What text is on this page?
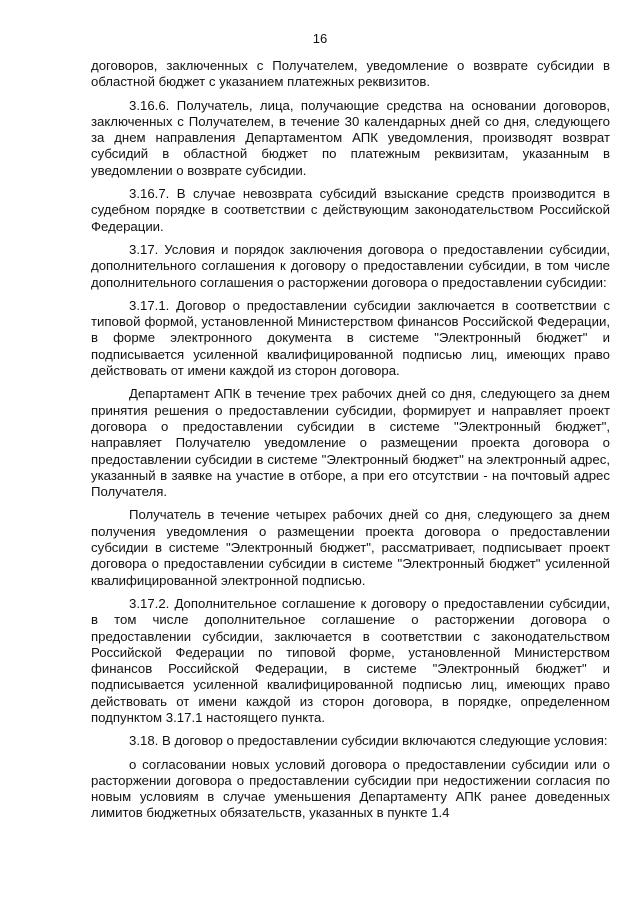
16

договоров, заключенных с Получателем, уведомление о возврате субсидии в областной бюджет с указанием платежных реквизитов.

3.16.6. Получатель, лица, получающие средства на основании договоров, заключенных с Получателем, в течение 30 календарных дней со дня, следующего за днем направления Департаментом АПК уведомления, производят возврат субсидий в областной бюджет по платежным реквизитам, указанным в уведомлении о возврате субсидии.

3.16.7. В случае невозврата субсидий взыскание средств производится в судебном порядке в соответствии с действующим законодательством Российской Федерации.

3.17. Условия и порядок заключения договора о предоставлении субсидии, дополнительного соглашения к договору о предоставлении субсидии, в том числе дополнительного соглашения о расторжении договора о предоставлении субсидии:

3.17.1. Договор о предоставлении субсидии заключается в соответствии с типовой формой, установленной Министерством финансов Российской Федерации, в форме электронного документа в системе "Электронный бюджет" и подписывается усиленной квалифицированной подписью лиц, имеющих право действовать от имени каждой из сторон договора.

Департамент АПК в течение трех рабочих дней со дня, следующего за днем принятия решения о предоставлении субсидии, формирует и направляет проект договора о предоставлении субсидии в системе "Электронный бюджет", направляет Получателю уведомление о размещении проекта договора о предоставлении субсидии в системе "Электронный бюджет" на электронный адрес, указанный в заявке на участие в отборе, а при его отсутствии - на почтовый адрес Получателя.

Получатель в течение четырех рабочих дней со дня, следующего за днем получения уведомления о размещении проекта договора о предоставлении субсидии в системе "Электронный бюджет", рассматривает, подписывает проект договора о предоставлении субсидии в системе "Электронный бюджет" усиленной квалифицированной электронной подписью.

3.17.2. Дополнительное соглашение к договору о предоставлении субсидии, в том числе дополнительное соглашение о расторжении договора о предоставлении субсидии, заключается в соответствии с законодательством Российской Федерации по типовой форме, установленной Министерством финансов Российской Федерации, в системе "Электронный бюджет" и подписывается усиленной квалифицированной подписью лиц, имеющих право действовать от имени каждой из сторон договора, в порядке, определенном подпунктом 3.17.1 настоящего пункта.

3.18. В договор о предоставлении субсидии включаются следующие условия:

о согласовании новых условий договора о предоставлении субсидии или о расторжении договора о предоставлении субсидии при недостижении согласия по новым условиям в случае уменьшения Департаменту АПК ранее доведенных лимитов бюджетных обязательств, указанных в пункте 1.4
